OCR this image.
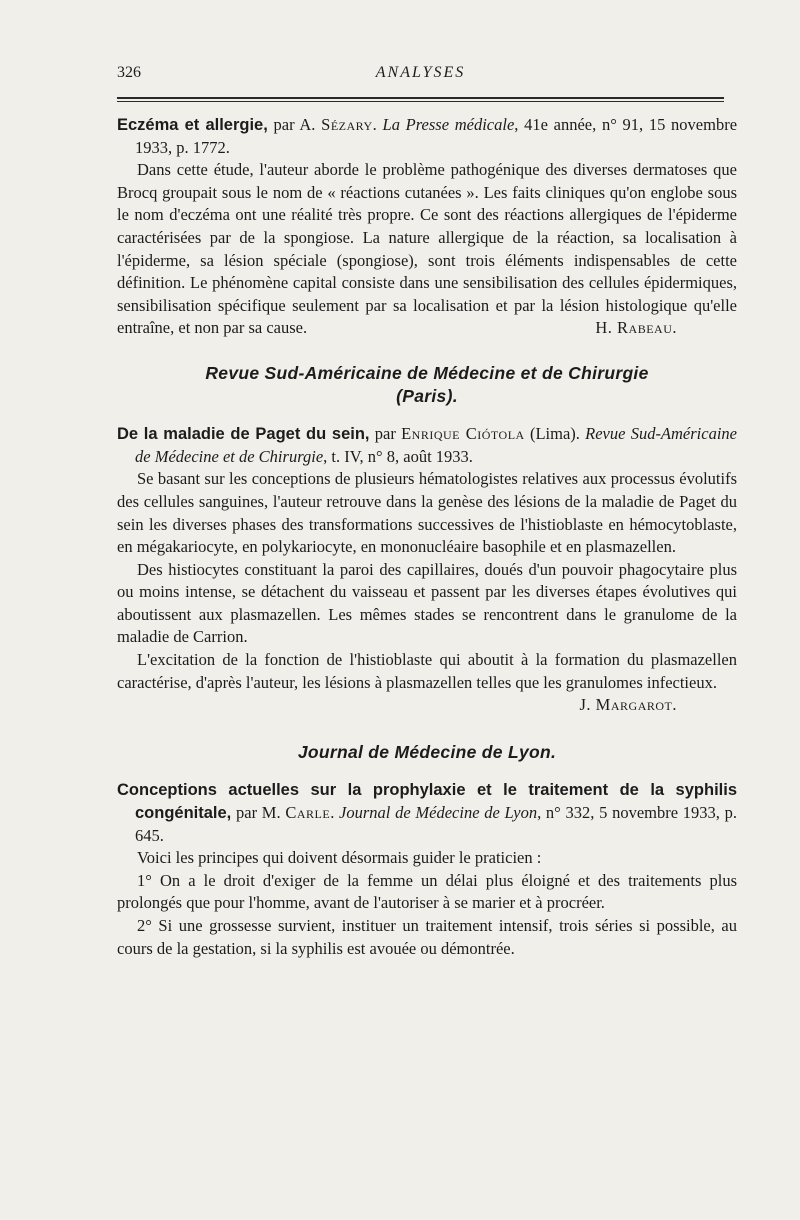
326	ANALYSES

Eczéma et allergie, par A. Sézary. La Presse médicale, 41e année, n° 91, 15 novembre 1933, p. 1772.

Dans cette étude, l'auteur aborde le problème pathogénique des diverses dermatoses que Brocq groupait sous le nom de « réactions cutanées ». Les faits cliniques qu'on englobe sous le nom d'eczéma ont une réalité très propre. Ce sont des réactions allergiques de l'épiderme caractérisées par de la spongiose. La nature allergique de la réaction, sa localisation à l'épiderme, sa lésion spéciale (spongiose), sont trois éléments indispensables de cette définition. Le phénomène capital consiste dans une sensibilisation des cellules épidermiques, sensibilisation spécifique seulement par sa localisation et par la lésion histologique qu'elle entraîne, et non par sa cause.	H. Rabeau.

Revue Sud-Américaine de Médecine et de Chirurgie
(Paris).

De la maladie de Paget du sein, par Enrique Ciótola (Lima). Revue Sud-Américaine de Médecine et de Chirurgie, t. IV, n° 8, août 1933.

Se basant sur les conceptions de plusieurs hématologistes relatives aux processus évolutifs des cellules sanguines, l'auteur retrouve dans la genèse des lésions de la maladie de Paget du sein les diverses phases des transformations successives de l'histioblaste en hémocytoblaste, en mégakariocyte, en polykariocyte, en mononucléaire basophile et en plasmazellen.

Des histiocytes constituant la paroi des capillaires, doués d'un pouvoir phagocytaire plus ou moins intense, se détachent du vaisseau et passent par les diverses étapes évolutives qui aboutissent aux plasmazellen. Les mêmes stades se rencontrent dans le granulome de la maladie de Carrion.

L'excitation de la fonction de l'histioblaste qui aboutit à la formation du plasmazellen caractérise, d'après l'auteur, les lésions à plasmazellen telles que les granulomes infectieux.
J. Margarot.

Journal de Médecine de Lyon.

Conceptions actuelles sur la prophylaxie et le traitement de la syphilis congénitale, par M. Carle. Journal de Médecine de Lyon, n° 332, 5 novembre 1933, p. 645.

Voici les principes qui doivent désormais guider le praticien :

1° On a le droit d'exiger de la femme un délai plus éloigné et des traitements plus prolongés que pour l'homme, avant de l'autoriser à se marier et à procréer.

2° Si une grossesse survient, instituer un traitement intensif, trois séries si possible, au cours de la gestation, si la syphilis est avouée ou démontrée.
